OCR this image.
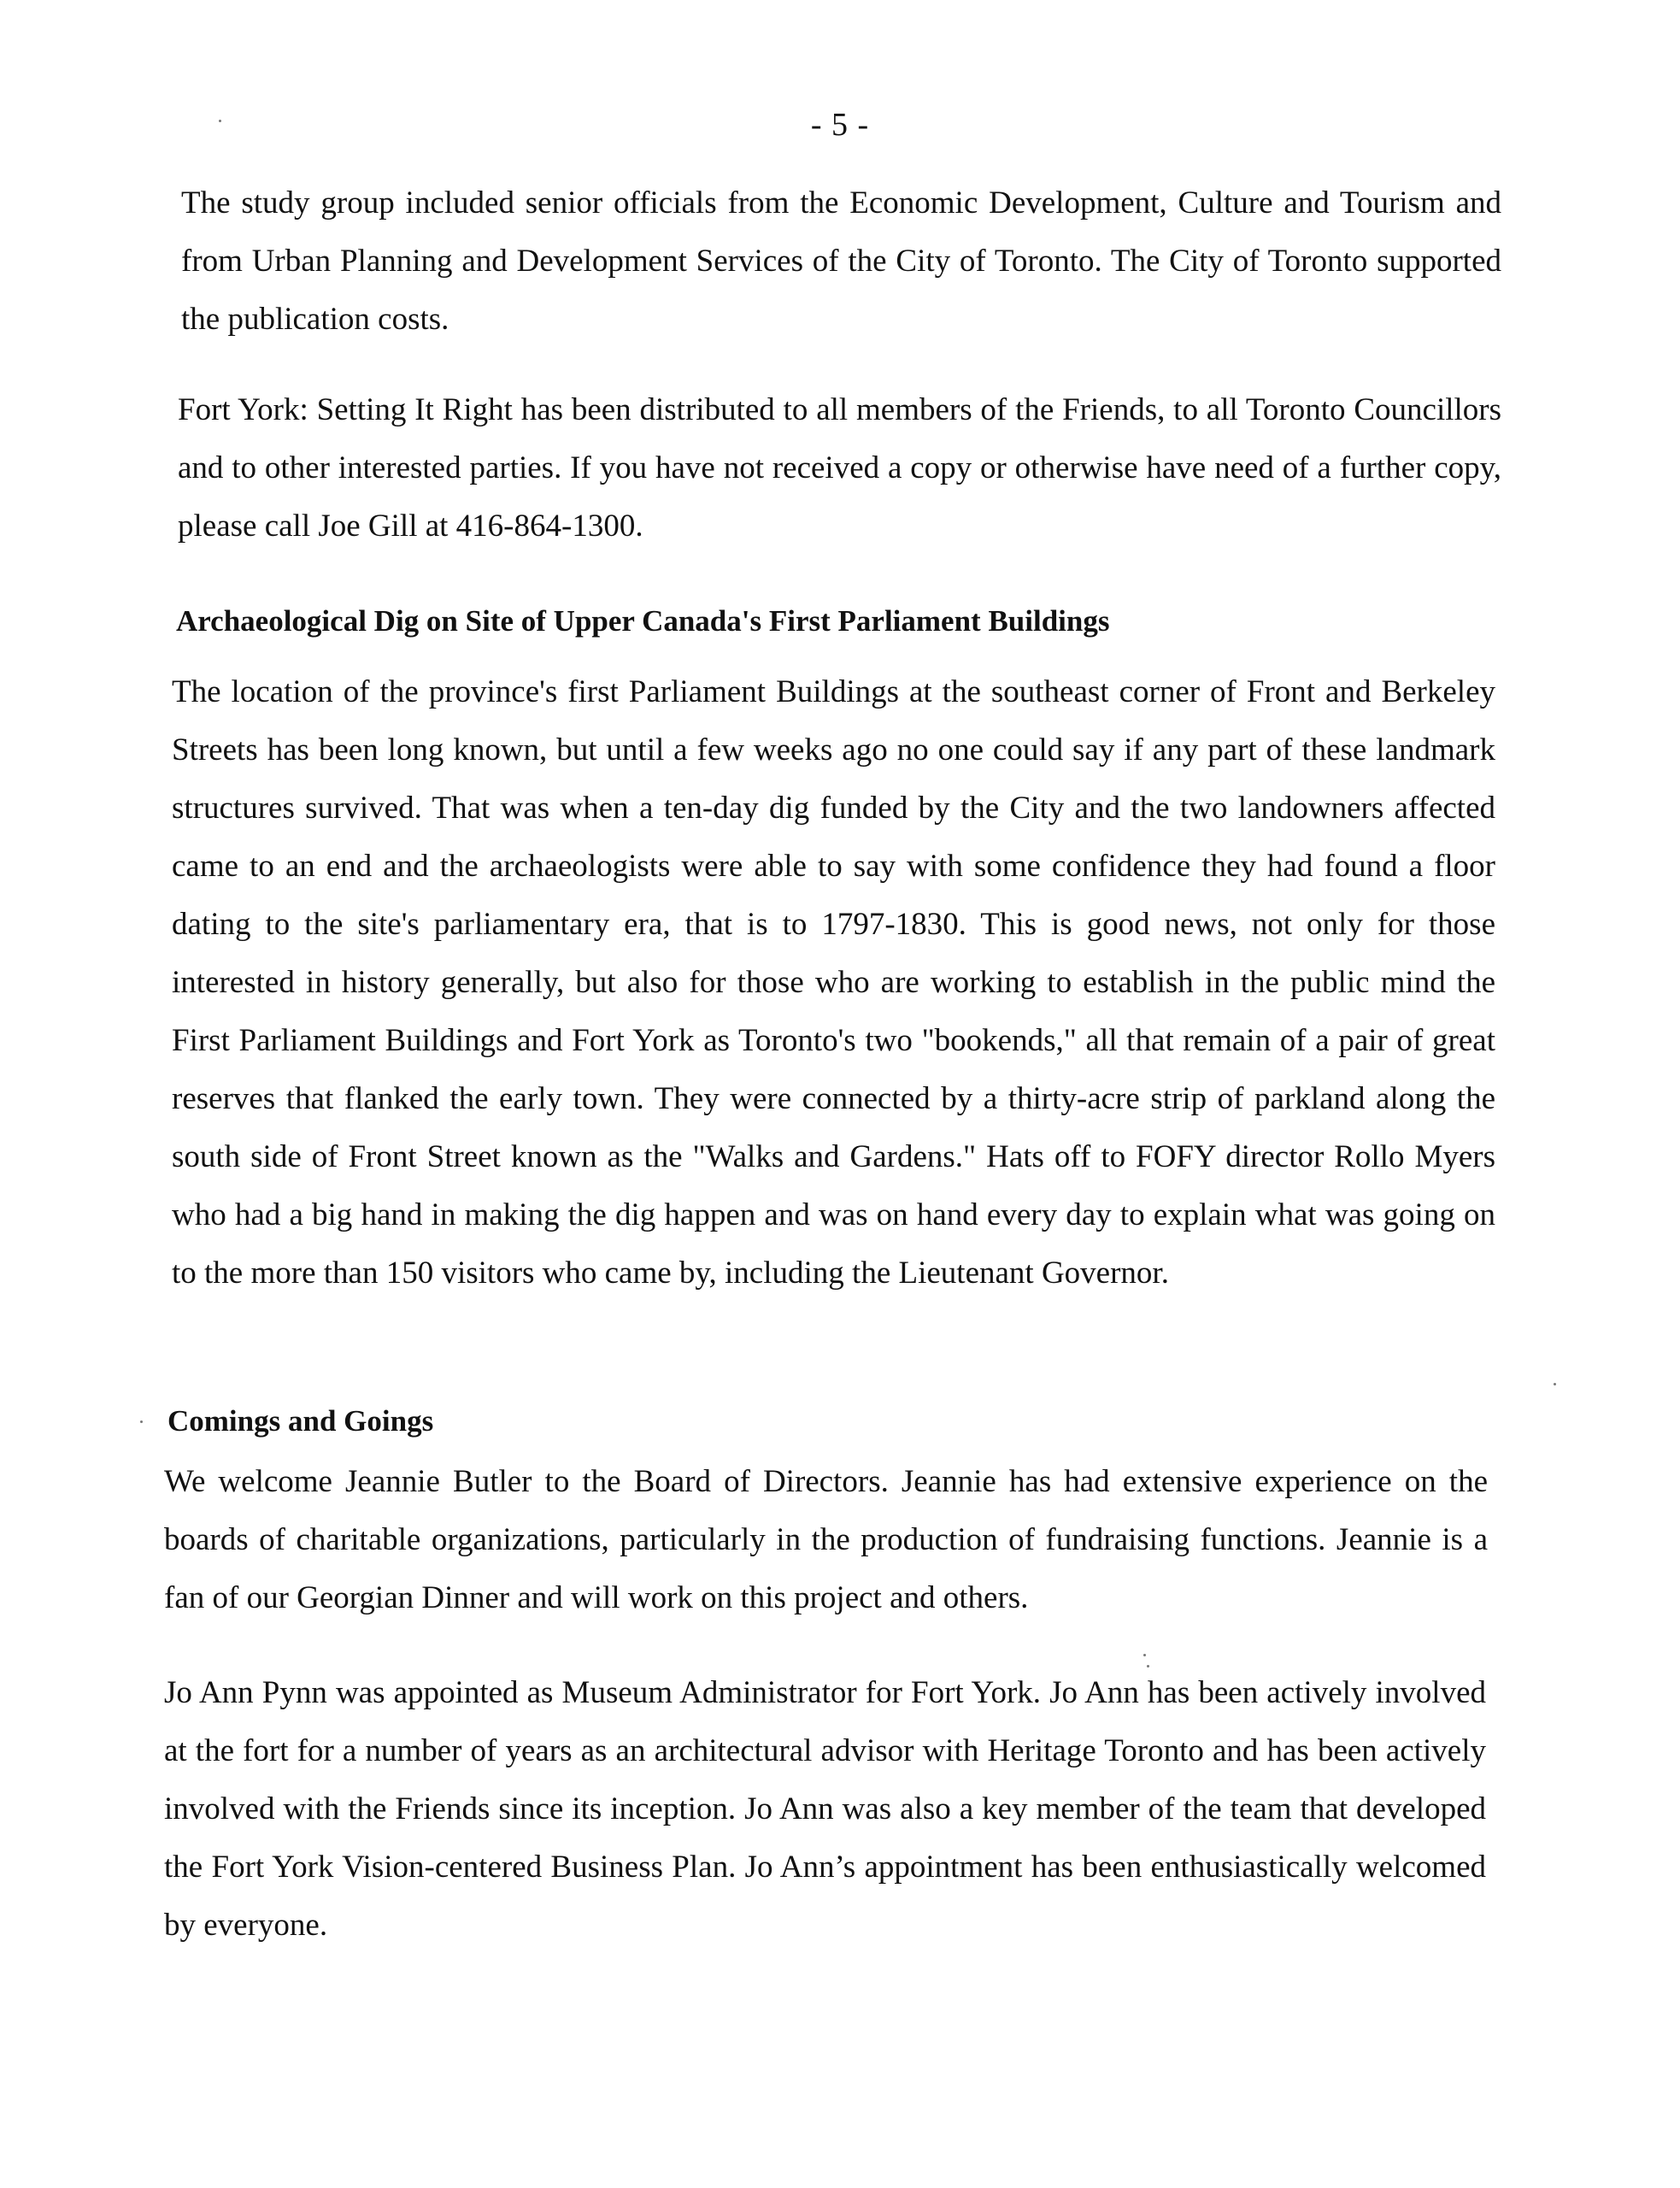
- 5 -

The study group included senior officials from the Economic Development, Culture and Tourism and from Urban Planning and Development Services of the City of Toronto. The City of Toronto supported the publication costs.

Fort York: Setting It Right has been distributed to all members of the Friends, to all Toronto Councillors and to other interested parties. If you have not received a copy or otherwise have need of a further copy, please call Joe Gill at 416-864-1300.

Archaeological Dig on Site of Upper Canada's First Parliament Buildings

The location of the province's first Parliament Buildings at the southeast corner of Front and Berkeley Streets has been long known, but until a few weeks ago no one could say if any part of these landmark structures survived. That was when a ten-day dig funded by the City and the two landowners affected came to an end and the archaeologists were able to say with some confidence they had found a floor dating to the site's parliamentary era, that is to 1797-1830. This is good news, not only for those interested in history generally, but also for those who are working to establish in the public mind the First Parliament Buildings and Fort York as Toronto's two "bookends," all that remain of a pair of great reserves that flanked the early town. They were connected by a thirty-acre strip of parkland along the south side of Front Street known as the "Walks and Gardens." Hats off to FOFY director Rollo Myers who had a big hand in making the dig happen and was on hand every day to explain what was going on to the more than 150 visitors who came by, including the Lieutenant Governor.

Comings and Goings

We welcome Jeannie Butler to the Board of Directors. Jeannie has had extensive experience on the boards of charitable organizations, particularly in the production of fundraising functions. Jeannie is a fan of our Georgian Dinner and will work on this project and others.

Jo Ann Pynn was appointed as Museum Administrator for Fort York. Jo Ann has been actively involved at the fort for a number of years as an architectural advisor with Heritage Toronto and has been actively involved with the Friends since its inception. Jo Ann was also a key member of the team that developed the Fort York Vision-centered Business Plan. Jo Ann’s appointment has been enthusiastically welcomed by everyone.
